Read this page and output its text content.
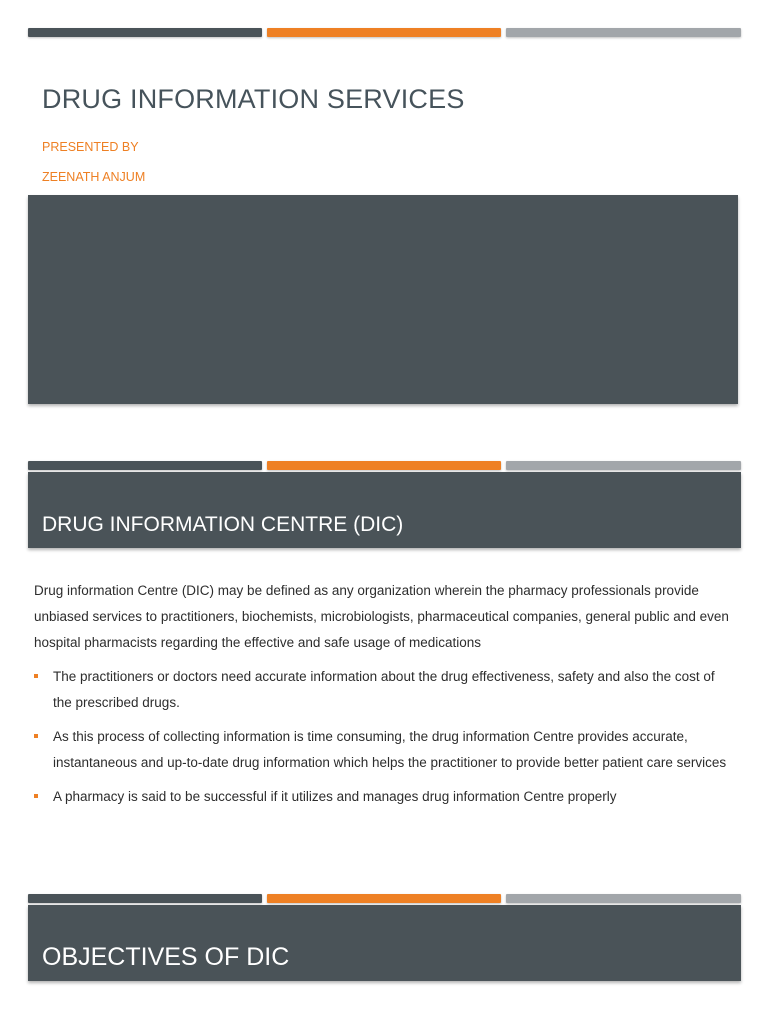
DRUG INFORMATION SERVICES
PRESENTED BY
ZEENATH ANJUM
DRUG INFORMATION CENTRE (DIC)

Drug information Centre (DIC) may be defined as any organization wherein the pharmacy professionals provide unbiased services to practitioners, biochemists, microbiologists, pharmaceutical companies, general public and even hospital pharmacists regarding the effective and safe usage of medications

The practitioners or doctors need accurate information about the drug effectiveness, safety and also the cost of the prescribed drugs.
As this process of collecting information is time consuming, the drug information Centre provides accurate, instantaneous and up-to-date drug information which helps the practitioner to provide better patient care services
A pharmacy is said to be successful if it utilizes and manages drug information Centre properly
OBJECTIVES OF DIC
